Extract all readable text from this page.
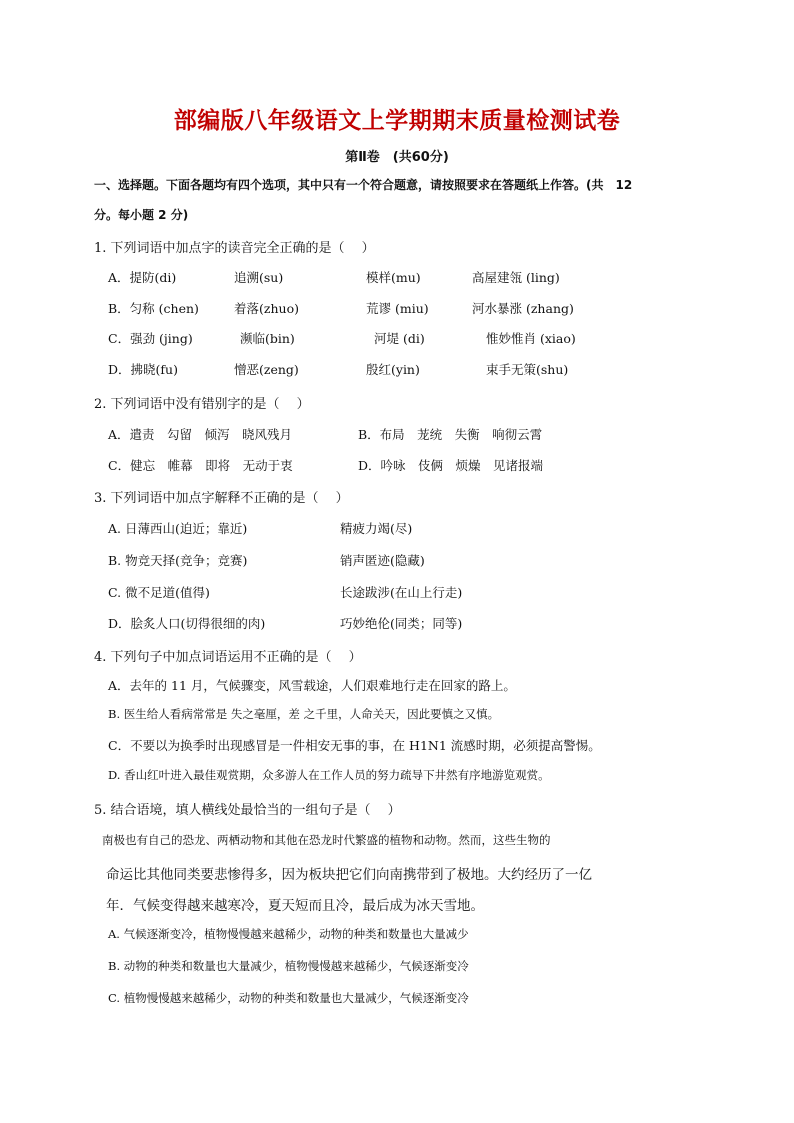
部编版八年级语文上学期期末质量检测试卷
第Ⅱ卷　(共60分)
一、选择题。下面各题均有四个选项，其中只有一个符合题意，请按照要求在答题纸上作答。(共　12
分。每小题 2 分)
1. 下列词语中加点字的读音完全正确的是（　 ）
A．提防(di)	追溯(su)	模样(mu)	高屋建瓴 (ling)
B．匀称 (chen)	着落(zhuo)	荒谬 (miu)	河水暴涨 (zhang)
C．强劲 (jing)	濒临(bin)	河堤 (di)	惟妙惟肖 (xiao)
D．拂晓(fu)	憎恶(zeng)	殷红(yin)	束手无策(shu)
2. 下列词语中没有错别字的是（　 ）
A．遣责　勾留　倾泻　晓风残月	B．布局　茏统　失衡　响彻云霄
C．健忘　帷幕　即将　无动于衷	D．吟咏　伎俩　烦燥　见诸报端
3. 下列词语中加点字解释不正确的是（　 ）
A. 日薄西山(迫近；靠近)	精疲力竭(尽)
B. 物竞天择(竞争；竞赛)	销声匿迹(隐藏)
C. 微不足道(值得)	长途跋涉(在山上行走)
D．脍炙人口(切得很细的肉)	巧妙绝伦(同类；同等)
4. 下列句子中加点词语运用不正确的是（　 ）
A．去年的 11 月，气候骤变，风雪载途，人们艰难地行走在回家的路上。
B. 医生给人看病常常是 失之毫厘，差 之千里，人命关天，因此要慎之又慎。
C．不要以为换季时出现感冒是一件相安无事的事，在 H1N1 流感时期，必须提高警惕。
D. 香山红叶进入最佳观赏期，众多游人在工作人员的努力疏导下井然有序地游览观赏。
5. 结合语境，填人横线处最恰当的一组句子是（　 ）
南极也有自己的恐龙、两栖动物和其他在恐龙时代繁盛的植物和动物。然而，这些生物的
命运比其他同类要悲惨得多，因为板块把它们向南携带到了极地。大约经历了一亿
年．气候变得越来越寒冷，夏天短而且冷，最后成为冰天雪地。
A. 气候逐渐变冷，植物慢慢越来越稀少，动物的种类和数量也大量减少
B. 动物的种类和数量也大量减少，植物慢慢越来越稀少，气候逐渐变冷
C. 植物慢慢越来越稀少，动物的种类和数量也大量减少，气候逐渐变冷
